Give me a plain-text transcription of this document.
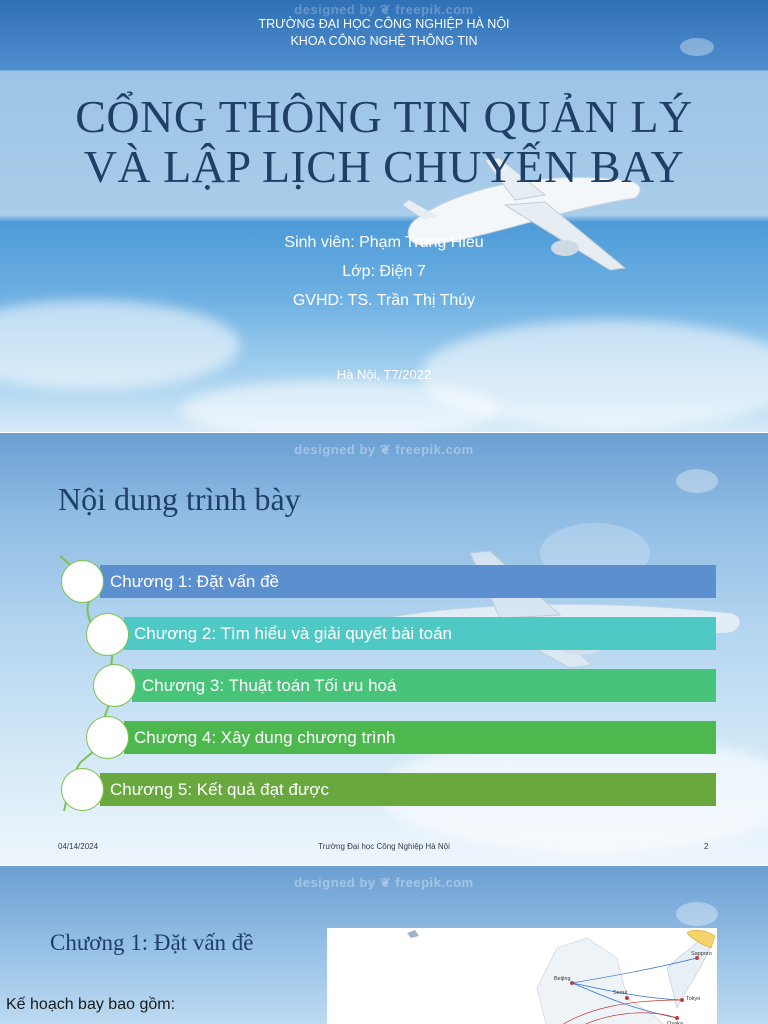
designed by ❦ freepik.com
TRƯỜNG ĐẠI HỌC CÔNG NGHIỆP HÀ NỘI
KHOA CÔNG NGHỆ THÔNG TIN
CỔNG THÔNG TIN QUẢN LÝ
VÀ LẬP LỊCH CHUYẾN BAY
Sinh viên: Phạm Trung Hiếu
Lớp: Điện 7
GVHD: TS. Trần Thị Thúy
Hà Nội, T7/2022
designed by ❦ freepik.com
Nội dung trình bày
Chương 1: Đặt vấn đề
Chương 2: Tìm hiểu và giải quyết bài toán
Chương 3: Thuật toán Tối ưu hoá
Chương 4: Xây dung chương trình
Chương 5: Kết quả đạt được
04/14/2024	Trường Đại học Công Nghiệp Hà Nội	2
designed by ❦ freepik.com
Chương 1: Đặt vấn đề
Kế hoạch bay bao gồm:
Beijing
Tokyo
Osaka
Sapporo
Seoul
